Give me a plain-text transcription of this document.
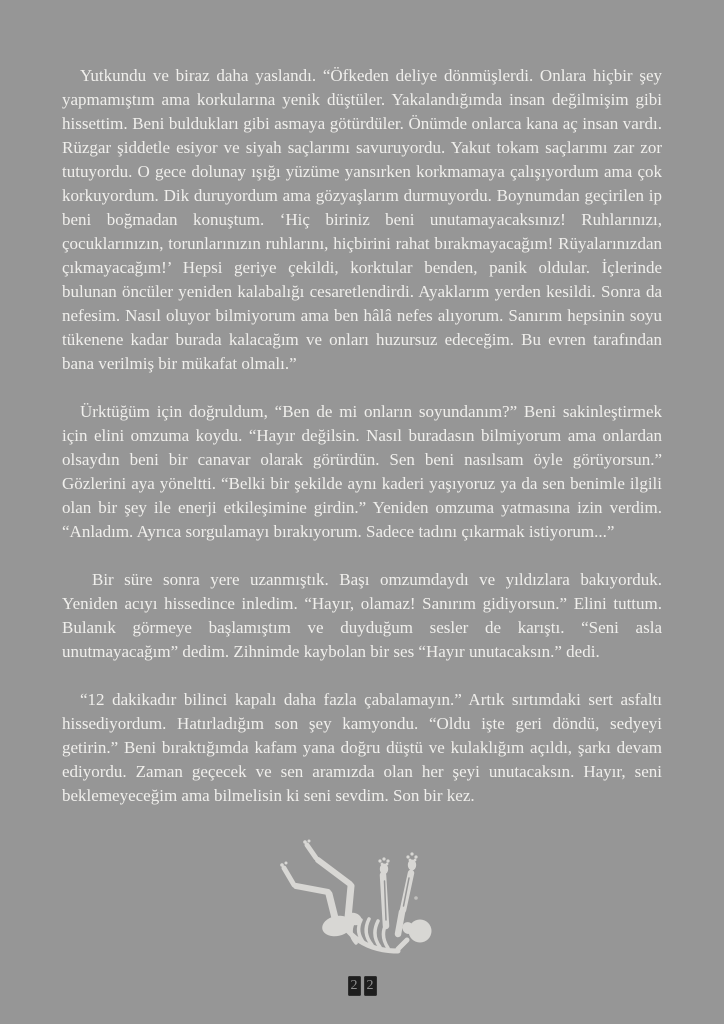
Yutkundu ve biraz daha yaslandı. “Öfkeden deliye dönmüşlerdi. Onlara hiçbir şey yapmamıştım ama korkularına yenik düştüler. Yakalandığımda insan değilmişim gibi hissettim. Beni buldukları gibi asmaya götürdüler. Önümde onlarca kana aç insan vardı. Rüzgar şiddetle esiyor ve siyah saçlarımı savuruyordu. Yakut tokam saçlarımı zar zor tutuyordu. O gece dolunay ışığı yüzüme yansırken korkmamaya çalışıyordum ama çok korkuyordum. Dik duruyordum ama gözyaşlarım durmuyordu. Boynumdan geçirilen ip beni boğmadan konuştum. ‘Hiç biriniz beni unutamayacaksınız! Ruhlarınızı, çocuklarınızın, torunlarınızın ruhlarını, hiçbirini rahat bırakmayacağım! Rüyalarınızdan çıkmayacağım!’ Hepsi geriye çekildi, korktular benden, panik oldular. İçlerinde bulunan öncüler yeniden kalabalığı cesaretlendirdi. Ayaklarım yerden kesildi. Sonra da nefesim. Nasıl oluyor bilmiyorum ama ben hâlâ nefes alıyorum. Sanırım hepsinin soyu tükenene kadar burada kalacağım ve onları huzursuz edeceğim. Bu evren tarafından bana verilmiş bir mükafat olmalı.”

Ürktüğüm için doğruldum, “Ben de mi onların soyundanım?” Beni sakinleştirmek için elini omzuma koydu. “Hayır değilsin. Nasıl buradasın bilmiyorum ama onlardan olsaydın beni bir canavar olarak görürdün. Sen beni nasılsam öyle görüyorsun.” Gözlerini aya yöneltti. “Belki bir şekilde aynı kaderi yaşıyoruz ya da sen benimle ilgili olan bir şey ile enerji etkileşimine girdin.” Yeniden omzuma yatmasına izin verdim. “Anladım. Ayrıca sorgulamayı bırakıyorum. Sadece tadını çıkarmak istiyorum...”

Bir süre sonra yere uzanmıştık. Başı omzumdaydı ve yıldızlara bakıyorduk. Yeniden acıyı hissedince inledim. “Hayır, olamaz! Sanırım gidiyorsun.” Elini tuttum. Bulanık görmeye başlamıştım ve duyduğum sesler de karıştı. “Seni asla unutmayacağım” dedim. Zihnimde kaybolan bir ses “Hayır unutacaksın.” dedi.

“12 dakikadır bilinci kapalı daha fazla çabalamayın.” Artık sırtımdaki sert asfaltı hissediyordum. Hatırladığım son şey kamyondu. “Oldu işte geri döndü, sedyeyi getirin.” Beni bıraktığımda kafam yana doğru düştü ve kulaklığım açıldı, şarkı devam ediyordu. Zaman geçecek ve sen aramızda olan her şeyi unutacaksın. Hayır, seni beklemeyeceğim ama bilmelisin ki seni sevdim. Son bir kez.

2 2
